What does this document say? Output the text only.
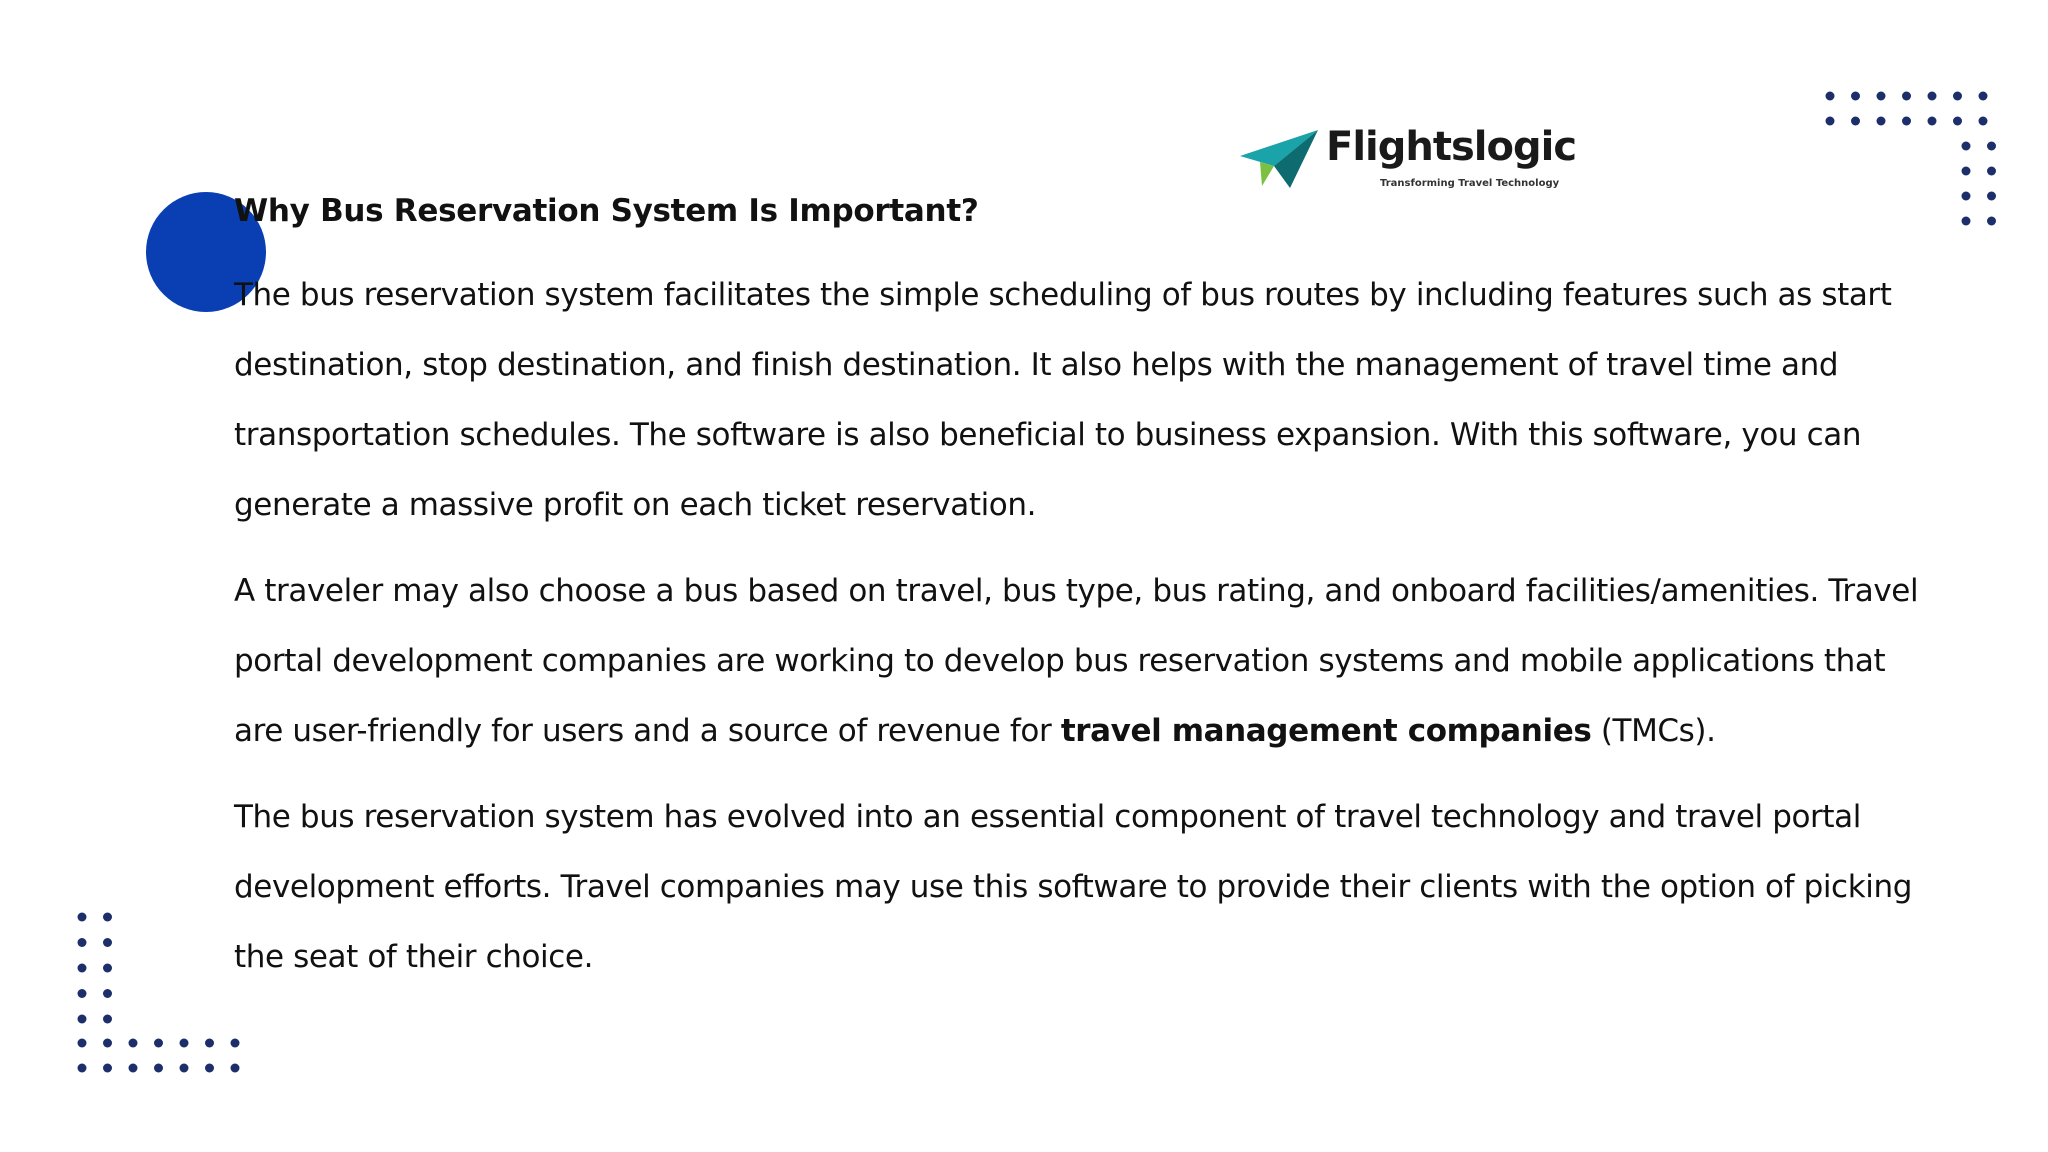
Flightslogic
Transforming Travel Technology
Why Bus Reservation System Is Important?

The bus reservation system facilitates the simple scheduling of bus routes by including features such as start destination, stop destination, and finish destination. It also helps with the management of travel time and transportation schedules. The software is also beneficial to business expansion. With this software, you can generate a massive profit on each ticket reservation.

A traveler may also choose a bus based on travel, bus type, bus rating, and onboard facilities/amenities. Travel portal development companies are working to develop bus reservation systems and mobile applications that are user-friendly for users and a source of revenue for travel management companies (TMCs).

The bus reservation system has evolved into an essential component of travel technology and travel portal development efforts. Travel companies may use this software to provide their clients with the option of picking the seat of their choice.
